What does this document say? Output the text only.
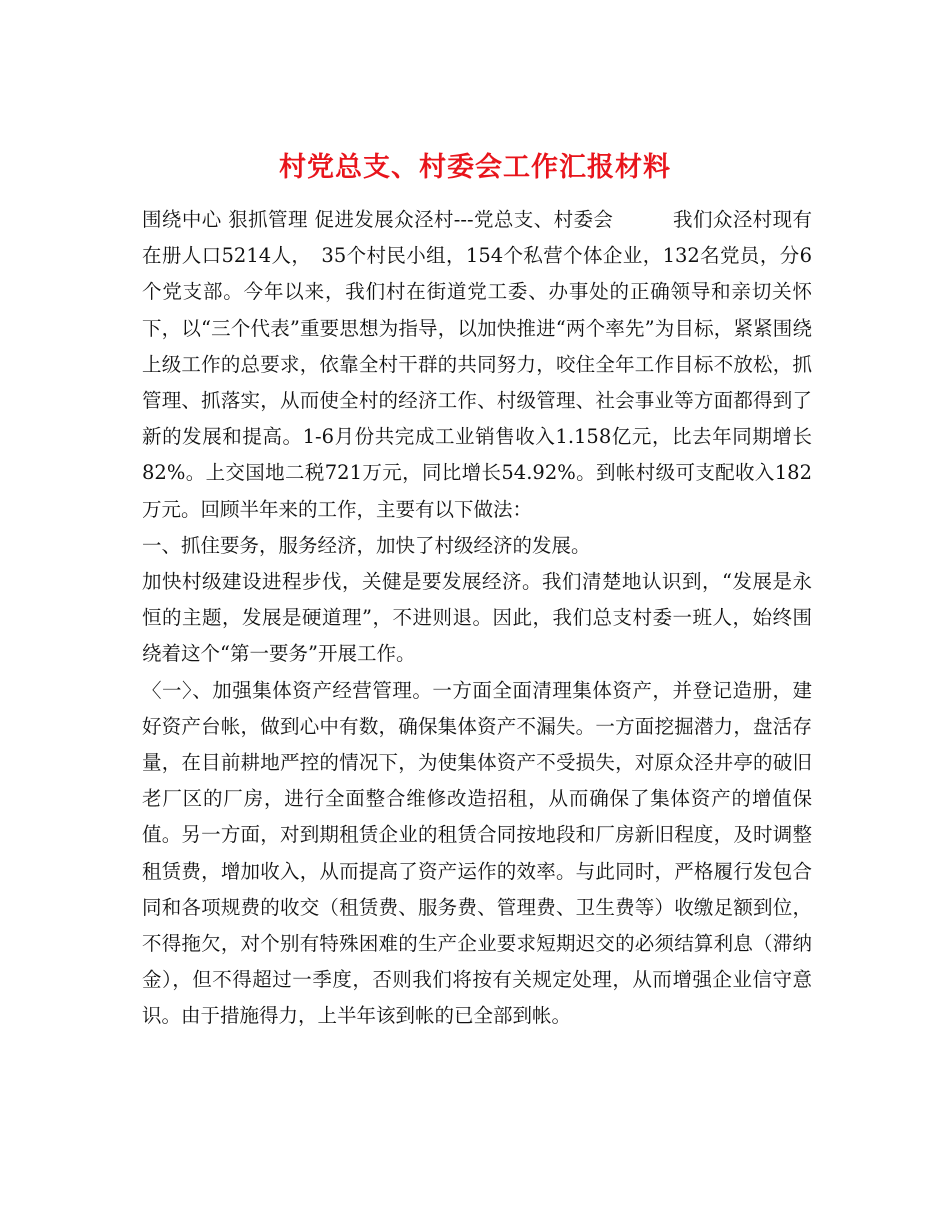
村党总支、村委会工作汇报材料

围绕中心 狠抓管理 促进发展众泾村---党总支、村委会　　　我们众泾村现有在册人口5214人，　35个村民小组，154个私营个体企业，132名党员，分6个党支部。今年以来，我们村在街道党工委、办事处的正确领导和亲切关怀下，以“三个代表”重要思想为指导，以加快推进“两个率先”为目标，紧紧围绕上级工作的总要求，依靠全村干群的共同努力，咬住全年工作目标不放松，抓管理、抓落实，从而使全村的经济工作、村级管理、社会事业等方面都得到了新的发展和提高。1-6月份共完成工业销售收入1.158亿元，比去年同期增长82%。上交国地二税721万元，同比增长54.92%。到帐村级可支配收入182万元。回顾半年来的工作，主要有以下做法：

一、抓住要务，服务经济，加快了村级经济的发展。

加快村级建设进程步伐，关健是要发展经济。我们清楚地认识到，“发展是永恒的主题，发展是硬道理”，不进则退。因此，我们总支村委一班人，始终围绕着这个“第一要务”开展工作。

〈一〉、加强集体资产经营管理。一方面全面清理集体资产，并登记造册，建好资产台帐，做到心中有数，确保集体资产不漏失。一方面挖掘潜力，盘活存量，在目前耕地严控的情况下，为使集体资产不受损失，对原众泾井亭的破旧老厂区的厂房，进行全面整合维修改造招租，从而确保了集体资产的增值保值。另一方面，对到期租赁企业的租赁合同按地段和厂房新旧程度，及时调整租赁费，增加收入，从而提高了资产运作的效率。与此同时，严格履行发包合同和各项规费的收交（租赁费、服务费、管理费、卫生费等）收缴足额到位，不得拖欠，对个别有特殊困难的生产企业要求短期迟交的必须结算利息（滞纳金），但不得超过一季度，否则我们将按有关规定处理，从而增强企业信守意识。由于措施得力，上半年该到帐的已全部到帐。
